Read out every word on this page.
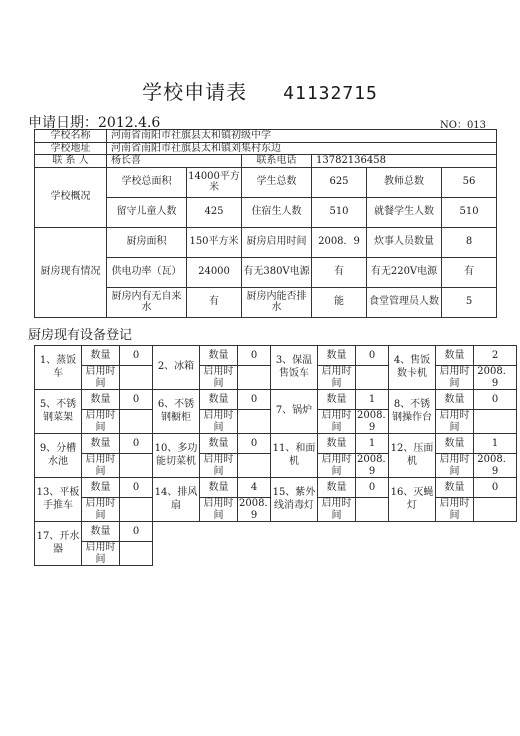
学校申请表 41132715
申请日期：2012.4.6	NO：013
学校名称	河南省南阳市社旗县太和镇初级中学					
学校地址	河南省南阳市社旗县太和镇刘集村东边					
联 系 人	杨长喜		联系电话	13782136458		
学校概况	学校总面积	14000平方米	学生总数	625	教师总数	56
	留守儿童人数	425	住宿生人数	510	就餐学生人数	510
厨房现有情况	厨房面积	150平方米	厨房启用时间	2008．9	炊事人员数量	8
	供电功率（瓦）	24000	有无380V电源	有	有无220V电源	有
	厨房内有无自来水	有	厨房内能否排水	能	食堂管理员人数	5
厨房现有设备登记
1、蒸饭车	数量	0	2、冰箱	数量	0	3、保温售饭车	数量	0	4、售饭数卡机	数量	2
	启用时间			启用时间			启用时间			启用时间	2008．9
5、不锈钢菜架	数量	0	6、不锈钢橱柜	数量	0	7、锅炉	数量	1	8、不锈钢操作台	数量	0
	启用时间			启用时间			启用时间	2008．9		启用时间	
9、分槽水池	数量	0	10、多功能切菜机	数量	0	11、和面机	数量	1	12、压面机	数量	1
	启用时间			启用时间			启用时间	2008．9		启用时间	2008．9
13、平板手推车	数量	0	14、排风扇	数量	4	15、紫外线消毒灯	数量	0	16、灭蝇灯	数量	0
	启用时间			启用时间	2008．9		启用时间			启用时间	
17、开水器	数量	0									
	启用时间										
